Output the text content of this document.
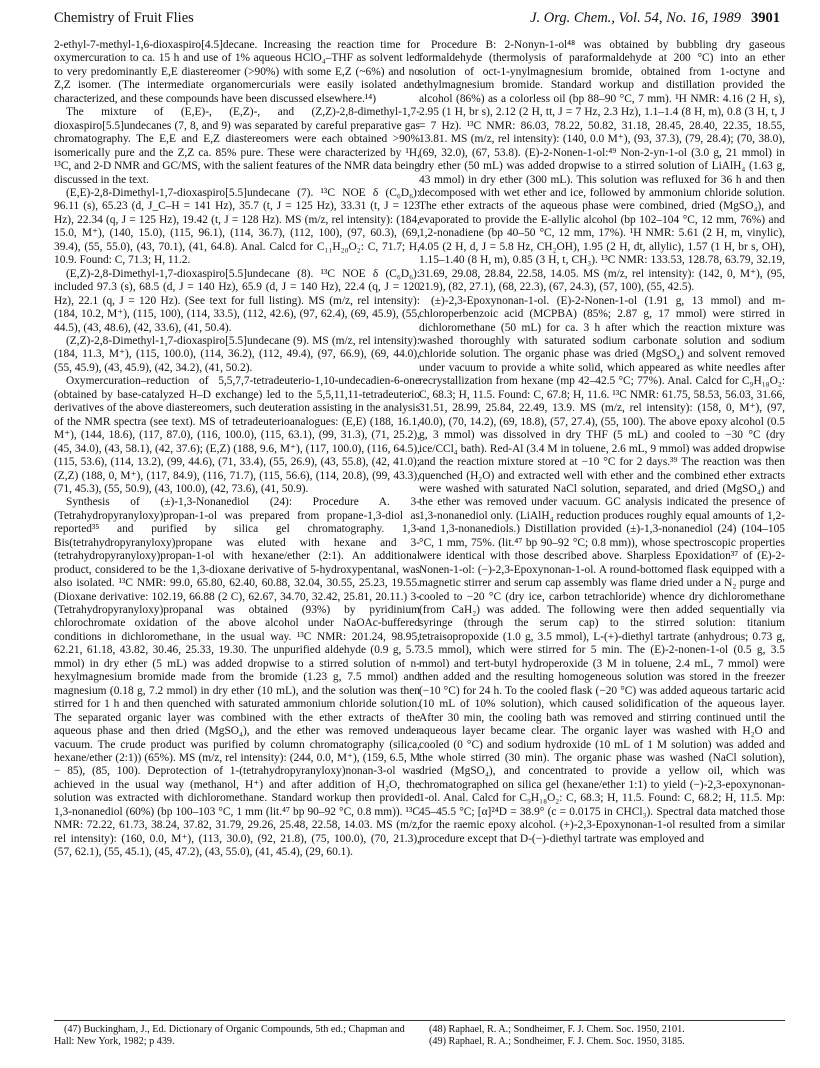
Chemistry of Fruit Flies	J. Org. Chem., Vol. 54, No. 16, 1989 3901

2-ethyl-7-methyl-1,6-dioxaspiro[4.5]decane. Increasing the reaction time for oxymercuration to ca. 15 h and use of 1% aqueous HClO₄–THF as solvent led to very predominantly E,E diastereomer (>90%) with some E,Z (~6%) and no Z,Z isomer. (The intermediate organomercurials were easily isolated and characterized, and these compounds have been discussed elsewhere.¹⁴)

The mixture of (E,E)-, (E,Z)-, and (Z,Z)-2,8-dimethyl-1,7-dioxaspiro[5.5]undecanes (7, 8, and 9) was separated by careful preparative gas chromatography. The E,E and E,Z diastereomers were each obtained >90% isomerically pure and the Z,Z ca. 85% pure. These were characterized by ¹H, ¹³C, and 2-D NMR and GC/MS, with the salient features of the NMR data being discussed in the text.

(E,E)-2,8-Dimethyl-1,7-dioxaspiro[5.5]undecane (7). ¹³C NOE δ (C₆D₆): 96.11 (s), 65.23 (d, J_C–H = 141 Hz), 35.7 (t, J = 125 Hz), 33.31 (t, J = 123 Hz), 22.34 (q, J = 125 Hz), 19.42 (t, J = 128 Hz). MS (m/z, rel intensity): (184, 15.0, M⁺), (140, 15.0), (115, 96.1), (114, 36.7), (112, 100), (97, 60.3), (69, 39.4), (55, 55.0), (43, 70.1), (41, 64.8). Anal. Calcd for C₁₁H₂₀O₂: C, 71.7; H, 10.9. Found: C, 71.3; H, 11.2.

(E,Z)-2,8-Dimethyl-1,7-dioxaspiro[5.5]undecane (8). ¹³C NOE δ (C₆D₆): included 97.3 (s), 68.5 (d, J = 140 Hz), 65.9 (d, J = 140 Hz), 22.4 (q, J = 120 Hz), 22.1 (q, J = 120 Hz). (See text for full listing). MS (m/z, rel intensity): (184, 10.2, M⁺), (115, 100), (114, 33.5), (112, 42.6), (97, 62.4), (69, 45.9), (55, 44.5), (43, 48.6), (42, 33.6), (41, 50.4).

(Z,Z)-2,8-Dimethyl-1,7-dioxaspiro[5.5]undecane (9). MS (m/z, rel intensity): (184, 11.3, M⁺), (115, 100.0), (114, 36.2), (112, 49.4), (97, 66.9), (69, 44.0), (55, 45.9), (43, 45.9), (42, 34.2), (41, 50.2).

Oxymercuration–reduction of 5,5,7,7-tetradeuterio-1,10-undecadien-6-one (obtained by base-catalyzed H–D exchange) led to the 5,5,11,11-tetradeuterio derivatives of the above diastereomers, such deuteration assisting in the analysis of the NMR spectra (see text). MS of tetradeuterioanalogues: (E,E) (188, 16.1, M⁺), (144, 18.6), (117, 87.0), (116, 100.0), (115, 63.1), (99, 31.3), (71, 25.2), (45, 34.0), (43, 58.1), (42, 37.6); (E,Z) (188, 9.6, M⁺), (117, 100.0), (116, 64.5), (115, 53.6), (114, 13.2), (99, 44.6), (71, 33.4), (55, 26.9), (43, 55.8), (42, 41.0); (Z,Z) (188, 0, M⁺), (117, 84.9), (116, 71.7), (115, 56.6), (114, 20.8), (99, 43.3), (71, 45.3), (55, 50.9), (43, 100.0), (42, 73.6), (41, 50.9).

Synthesis of (±)-1,3-Nonanediol (24): Procedure A. 3-(Tetrahydropyranyloxy)propan-1-ol was prepared from propane-1,3-diol as reported³⁵ and purified by silica gel chromatography. 1,3-Bis(tetrahydropyranyloxy)propane was eluted with hexane and 3-(tetrahydropyranyloxy)propan-1-ol with hexane/ether (2:1). An additional product, considered to be the 1,3-dioxane derivative of 5-hydroxypentanal, was also isolated. ¹³C NMR: 99.0, 65.80, 62.40, 60.88, 32.04, 30.55, 25.23, 19.55. (Dioxane derivative: 102.19, 66.88 (2 C), 62.67, 34.70, 32.42, 25.81, 20.11.) 3-(Tetrahydropyranyloxy)propanal was obtained (93%) by pyridinium chlorochromate oxidation of the above alcohol under NaOAc-buffered conditions in dichloromethane, in the usual way. ¹³C NMR: 201.24, 98.95, 62.21, 61.18, 43.82, 30.46, 25.33, 19.30. The unpurified aldehyde (0.9 g, 5.7 mmol) in dry ether (5 mL) was added dropwise to a stirred solution of n-hexylmagnesium bromide made from the bromide (1.23 g, 7.5 mmol) and magnesium (0.18 g, 7.2 mmol) in dry ether (10 mL), and the solution was then stirred for 1 h and then quenched with saturated ammonium chloride solution. The separated organic layer was combined with the ether extracts of the aqueous phase and then dried (MgSO₄), and the ether was removed under vacuum. The crude product was purified by column chromatography (silica, hexane/ether (2:1)) (65%). MS (m/z, rel intensity): (244, 0.0, M⁺), (159, 6.5, M − 85), (85, 100). Deprotection of 1-(tetrahydropyranyloxy)nonan-3-ol was achieved in the usual way (methanol, H⁺) and after addition of H₂O, the solution was extracted with dichloromethane. Standard workup then provided 1,3-nonanediol (60%) (bp 100–103 °C, 1 mm (lit.⁴⁷ bp 90–92 °C, 0.8 mm)). ¹³C NMR: 72.22, 61.73, 38.24, 37.82, 31.79, 29.26, 25.48, 22.58, 14.03. MS (m/z, rel intensity): (160, 0.0, M⁺), (113, 30.0), (92, 21.8), (75, 100.0), (70, 21.3), (57, 62.1), (55, 45.1), (45, 47.2), (43, 55.0), (41, 45.4), (29, 60.1).

Procedure B: 2-Nonyn-1-ol⁴⁸ was obtained by bubbling dry gaseous formaldehyde (thermolysis of paraformaldehyde at 200 °C) into an ether solution of oct-1-ynylmagnesium bromide, obtained from 1-octyne and ethylmagnesium bromide. Standard workup and distillation provided the alcohol (86%) as a colorless oil (bp 88–90 °C, 7 mm). ¹H NMR: 4.16 (2 H, s), 2.95 (1 H, br s), 2.12 (2 H, tt, J = 7 Hz, 2.3 Hz), 1.1–1.4 (8 H, m), 0.8 (3 H, t, J = 7 Hz). ¹³C NMR: 86.03, 78.22, 50.82, 31.18, 28.45, 28.40, 22.35, 18.55, 13.81. MS (m/z, rel intensity): (140, 0.0 M⁺), (93, 37.3), (79, 28.4); (70, 38.0), (69, 32.0), (67, 53.8). (E)-2-Nonen-1-ol:⁴⁹ Non-2-yn-1-ol (3.0 g, 21 mmol) in dry ether (50 mL) was added dropwise to a stirred solution of LiAlH₄ (1.63 g, 43 mmol) in dry ether (300 mL). This solution was refluxed for 36 h and then decomposed with wet ether and ice, followed by ammonium chloride solution. The ether extracts of the aqueous phase were combined, dried (MgSO₄), and evaporated to provide the E-allylic alcohol (bp 102–104 °C, 12 mm, 76%) and 1,2-nonadiene (bp 40–50 °C, 12 mm, 17%). ¹H NMR: 5.61 (2 H, m, vinylic), 4.05 (2 H, d, J = 5.8 Hz, CH₂OH), 1.95 (2 H, dt, allylic), 1.57 (1 H, br s, OH), 1.15–1.40 (8 H, m), 0.85 (3 H, t, CH₃). ¹³C NMR: 133.53, 128.78, 63.79, 32.19, 31.69, 29.08, 28.84, 22.58, 14.05. MS (m/z, rel intensity): (142, 0, M⁺), (95, 21.9), (82, 27.1), (68, 22.3), (67, 24.3), (57, 100), (55, 42.5).

(±)-2,3-Epoxynonan-1-ol. (E)-2-Nonen-1-ol (1.91 g, 13 mmol) and m-chloroperbenzoic acid (MCPBA) (85%; 2.87 g, 17 mmol) were stirred in dichloromethane (50 mL) for ca. 3 h after which the reaction mixture was washed thoroughly with saturated sodium carbonate solution and sodium chloride solution. The organic phase was dried (MgSO₄) and solvent removed under vacuum to provide a white solid, which appeared as white needles after recrystallization from hexane (mp 42–42.5 °C; 77%). Anal. Calcd for C₉H₁₈O₂: C, 68.3; H, 11.5. Found: C, 67.8; H, 11.6. ¹³C NMR: 61.75, 58.53, 56.03, 31.66, 31.51, 28.99, 25.84, 22.49, 13.9. MS (m/z, rel intensity): (158, 0, M⁺), (97, 40.0), (70, 14.2), (69, 18.8), (57, 27.4), (55, 100). The above epoxy alcohol (0.5 g, 3 mmol) was dissolved in dry THF (5 mL) and cooled to −30 °C (dry ice/CCl₄ bath). Red-Al (3.4 M in toluene, 2.6 mL, 9 mmol) was added dropwise and the reaction mixture stored at −10 °C for 2 days.³⁹ The reaction was then quenched (H₂O) and extracted well with ether and the combined ether extracts were washed with saturated NaCl solution, separated, and dried (MgSO₄) and the ether was removed under vacuum. GC analysis indicated the presence of 1,3-nonanediol only. (LiAlH₄ reduction produces roughly equal amounts of 1,2- and 1,3-nonanediols.) Distillation provided (±)-1,3-nonanediol (24) (104–105 °C, 1 mm, 75%. (lit.⁴⁷ bp 90–92 °C; 0.8 mm)), whose spectroscopic properties were identical with those described above. Sharpless Epoxidation³⁷ of (E)-2-Nonen-1-ol: (−)-2,3-Epoxynonan-1-ol. A round-bottomed flask equipped with a magnetic stirrer and serum cap assembly was flame dried under a N₂ purge and cooled to −20 °C (dry ice, carbon tetrachloride) whence dry dichloromethane (from CaH₂) was added. The following were then added sequentially via syringe (through the serum cap) to the stirred solution: titanium tetraisopropoxide (1.0 g, 3.5 mmol), L-(+)-diethyl tartrate (anhydrous; 0.73 g, 3.5 mmol), which were stirred for 5 min. The (E)-2-nonen-1-ol (0.5 g, 3.5 mmol) and tert-butyl hydroperoxide (3 M in toluene, 2.4 mL, 7 mmol) were then added and the resulting homogeneous solution was stored in the freezer (−10 °C) for 24 h. To the cooled flask (−20 °C) was added aqueous tartaric acid (10 mL of 10% solution), which caused solidification of the aqueous layer. After 30 min, the cooling bath was removed and stirring continued until the aqueous layer became clear. The organic layer was washed with H₂O and cooled (0 °C) and sodium hydroxide (10 mL of 1 M solution) was added and the whole stirred (30 min). The organic phase was washed (NaCl solution), dried (MgSO₄), and concentrated to provide a yellow oil, which was chromatographed on silica gel (hexane/ether 1:1) to yield (−)-2,3-epoxynonan-1-ol. Anal. Calcd for C₉H₁₈O₂: C, 68.3; H, 11.5. Found: C, 68.2; H, 11.5. Mp: 45–45.5 °C; [α]²⁴D = 38.9° (c = 0.0175 in CHCl₃). Spectral data matched those for the raemic epoxy alcohol. (+)-2,3-Epoxynonan-1-ol resulted from a similar procedure except that D-(−)-diethyl tartrate was employed and

(47) Buckingham, J., Ed. Dictionary of Organic Compounds, 5th ed.; Chapman and Hall: New York, 1982; p 439.
(48) Raphael, R. A.; Sondheimer, F. J. Chem. Soc. 1950, 2101.
(49) Raphael, R. A.; Sondheimer, F. J. Chem. Soc. 1950, 3185.
